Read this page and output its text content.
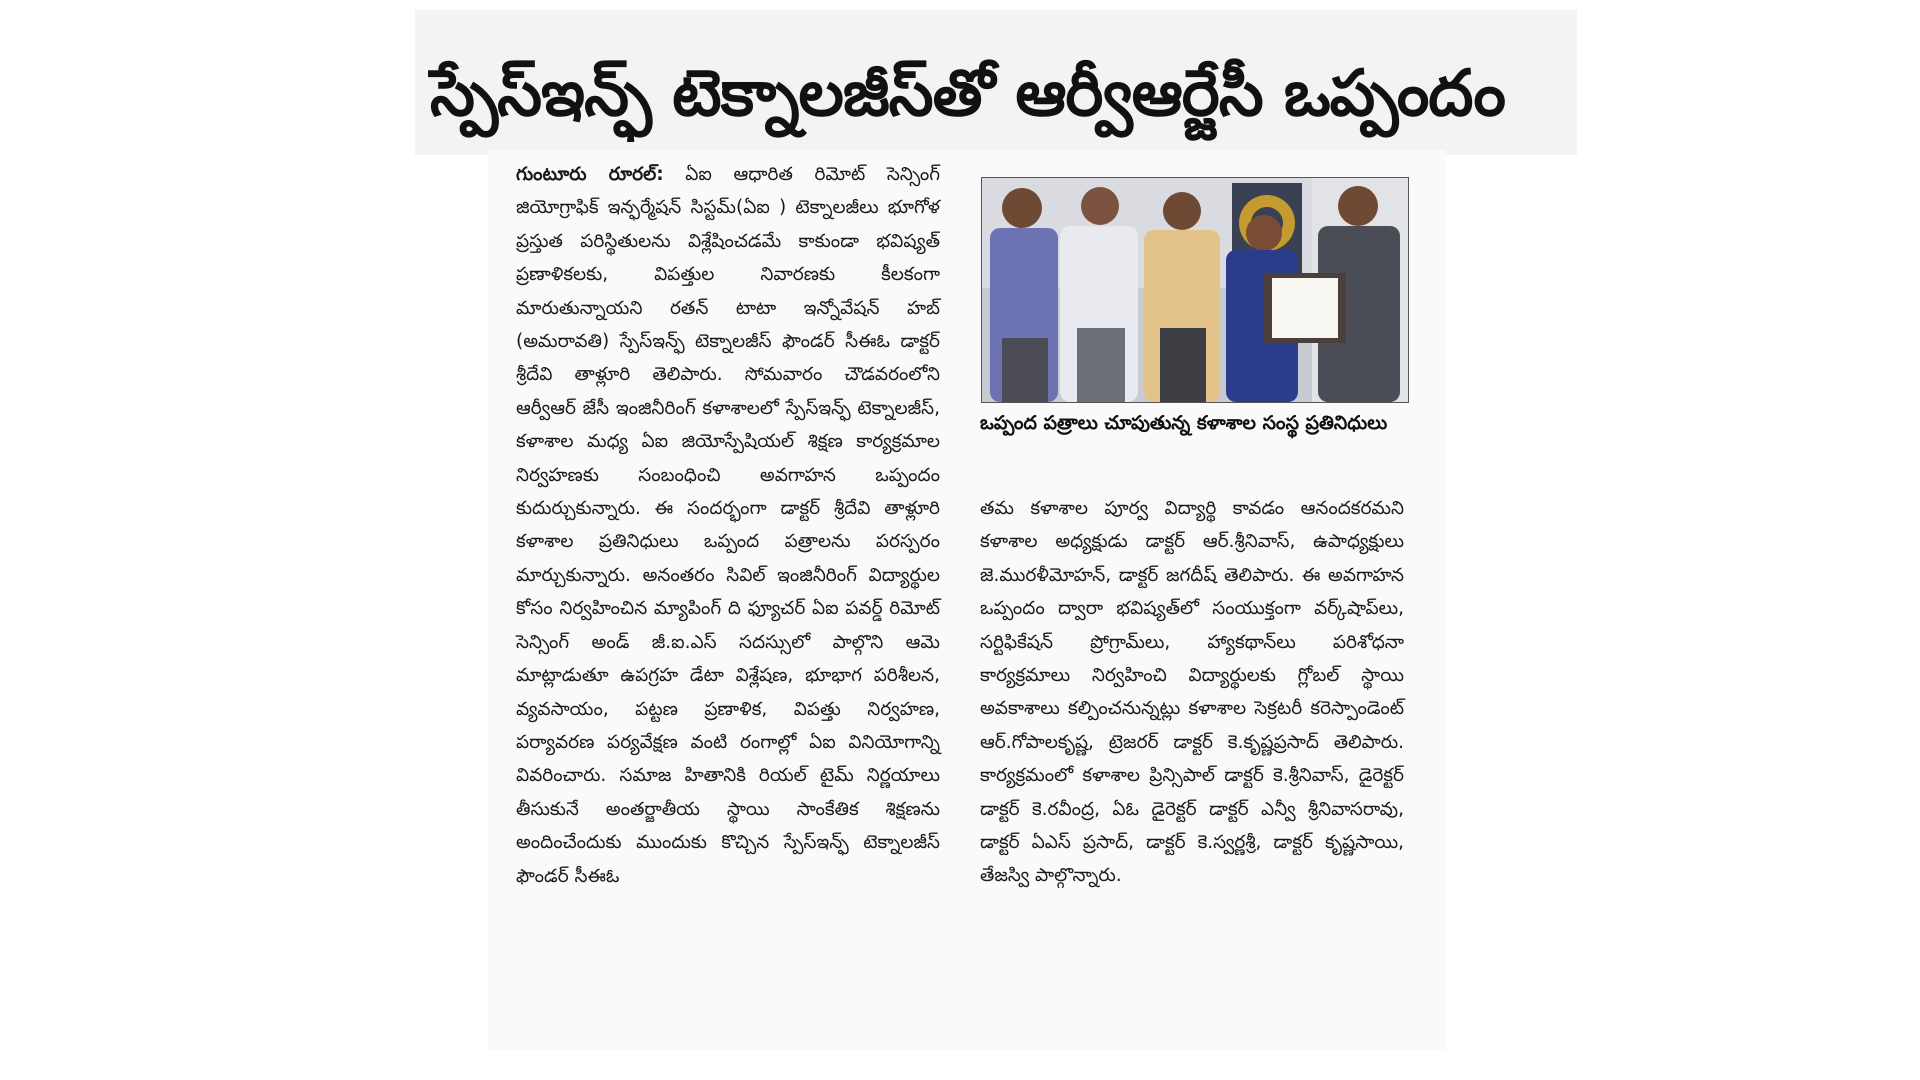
స్పేస్ఇన్ఫ్ టెక్నాలజీస్‌తో ఆర్వీఆర్జేసీ ఒప్పందం
గుంటూరు రూరల్: ఏఐ ఆధారిత రిమోట్ సెన్సింగ్ జియోగ్రాఫిక్ ఇన్ఫర్మేషన్ సిస్టమ్(ఏఐ ) టెక్నాలజీలు భూగోళ ప్రస్తుత పరిస్థితులను విశ్లేషించడమే కాకుండా భవిష్యత్ ప్రణాళికలకు, విపత్తుల నివారణకు కీలకంగా మారుతున్నాయని రతన్ టాటా ఇన్నోవేషన్ హబ్ (అమరావతి) స్పేస్ఇన్ఫ్ టెక్నాలజీస్ ఫౌండర్ సీఈఓ డాక్టర్ శ్రీదేవి తాళ్లూరి తెలిపారు. సోమవారం చౌడవరంలోని ఆర్వీఆర్ జేసీ ఇంజినీరింగ్ కళాశాలలో స్పేస్ఇన్ఫ్ టెక్నాలజీస్, కళాశాల మధ్య ఏఐ జియోస్పేషియల్ శిక్షణ కార్యక్రమాల నిర్వహణకు సంబంధించి అవగాహన ఒప్పందం కుదుర్చుకున్నారు. ఈ సందర్భంగా డాక్టర్ శ్రీదేవి తాళ్లూరి కళాశాల ప్రతినిధులు ఒప్పంద పత్రాలను పరస్పరం మార్చుకున్నారు. అనంతరం సివిల్ ఇంజినీరింగ్ విద్యార్థుల కోసం నిర్వహించిన మ్యాపింగ్ ది ఫ్యూచర్ ఏఐ పవర్డ్ రిమోట్ సెన్సింగ్ అండ్ జీ.ఐ.ఎస్ సదస్సులో పాల్గొని ఆమె మాట్లాడుతూ ఉపగ్రహ డేటా విశ్లేషణ, భూభాగ పరిశీలన, వ్యవసాయం, పట్టణ ప్రణాళిక, విపత్తు నిర్వహణ, పర్యావరణ పర్యవేక్షణ వంటి రంగాల్లో ఏఐ వినియోగాన్ని వివరించారు. సమాజ హితానికి రియల్ టైమ్ నిర్ణయాలు తీసుకునే అంతర్జాతీయ స్థాయి సాంకేతిక శిక్షణను అందించేందుకు ముందుకు కొచ్చిన స్పేస్ఇన్ఫ్ టెక్నాలజీస్ ఫౌండర్ సీఈఓ
ఒప్పంద పత్రాలు చూపుతున్న కళాశాల సంస్థ ప్రతినిధులు
తమ కళాశాల పూర్వ విద్యార్థి కావడం ఆనందకరమని కళాశాల అధ్యక్షుడు డాక్టర్ ఆర్.శ్రీనివాస్, ఉపాధ్యక్షులు జె.మురళీమోహన్, డాక్టర్ జగదీష్ తెలిపారు. ఈ అవగాహన ఒప్పందం ద్వారా భవిష్యత్‌లో సంయుక్తంగా వర్క్‌షాప్‌లు, సర్టిఫికేషన్ ప్రోగ్రామ్‌లు, హ్యాకథాన్‌లు పరిశోధనా కార్యక్రమాలు నిర్వహించి విద్యార్థులకు గ్లోబల్ స్థాయి అవకాశాలు కల్పించనున్నట్లు కళాశాల సెక్రటరీ కరెస్పాండెంట్ ఆర్.గోపాలకృష్ణ, ట్రెజరర్ డాక్టర్ కె.కృష్ణప్రసాద్ తెలిపారు. కార్యక్రమంలో కళాశాల ప్రిన్సిపాల్ డాక్టర్ కె.శ్రీనివాస్, డైరెక్టర్ డాక్టర్ కె.రవీంద్ర, ఏఓ డైరెక్టర్ డాక్టర్ ఎన్వీ శ్రీనివాసరావు, డాక్టర్ ఏఎస్ ప్రసాద్, డాక్టర్ కె.స్వర్ణశ్రీ, డాక్టర్ కృష్ణసాయి, తేజస్వి పాల్గొన్నారు.
